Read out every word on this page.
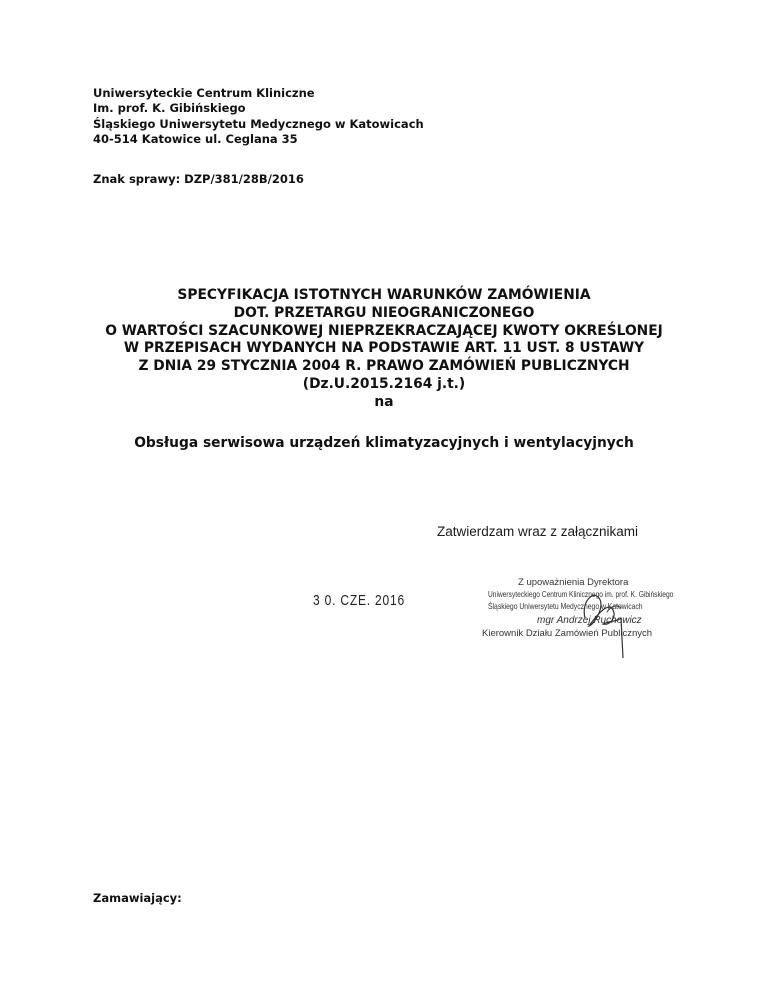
Uniwersyteckie Centrum Kliniczne
Im. prof. K. Gibińskiego
Śląskiego Uniwersytetu Medycznego w Katowicach
40-514 Katowice ul. Ceglana 35
Znak sprawy: DZP/381/28B/2016
SPECYFIKACJA ISTOTNYCH WARUNKÓW ZAMÓWIENIA
DOT. PRZETARGU NIEOGRANICZONEGO
O WARTOŚCI SZACUNKOWEJ NIEPRZEKRACZAJĄCEJ KWOTY OKREŚLONEJ
W PRZEPISACH WYDANYCH NA PODSTAWIE ART. 11 UST. 8 USTAWY
Z DNIA 29 STYCZNIA 2004 R. PRAWO ZAMÓWIEŃ PUBLICZNYCH
(Dz.U.2015.2164 j.t.)
na
Obsługa serwisowa urządzeń klimatyzacyjnych i wentylacyjnych
Zatwierdzam wraz z załącznikami
3 0. CZE. 2016
Z upoważnienia Dyrektora
Uniwersyteckiego Centrum Klinicznego im. prof. K. Gibińskiego
Śląskiego Uniwersytetu Medycznego w Katowicach
mgr Andrzej Ruchowicz
Kierownik Działu Zamówień Publicznych
Zamawiający:
